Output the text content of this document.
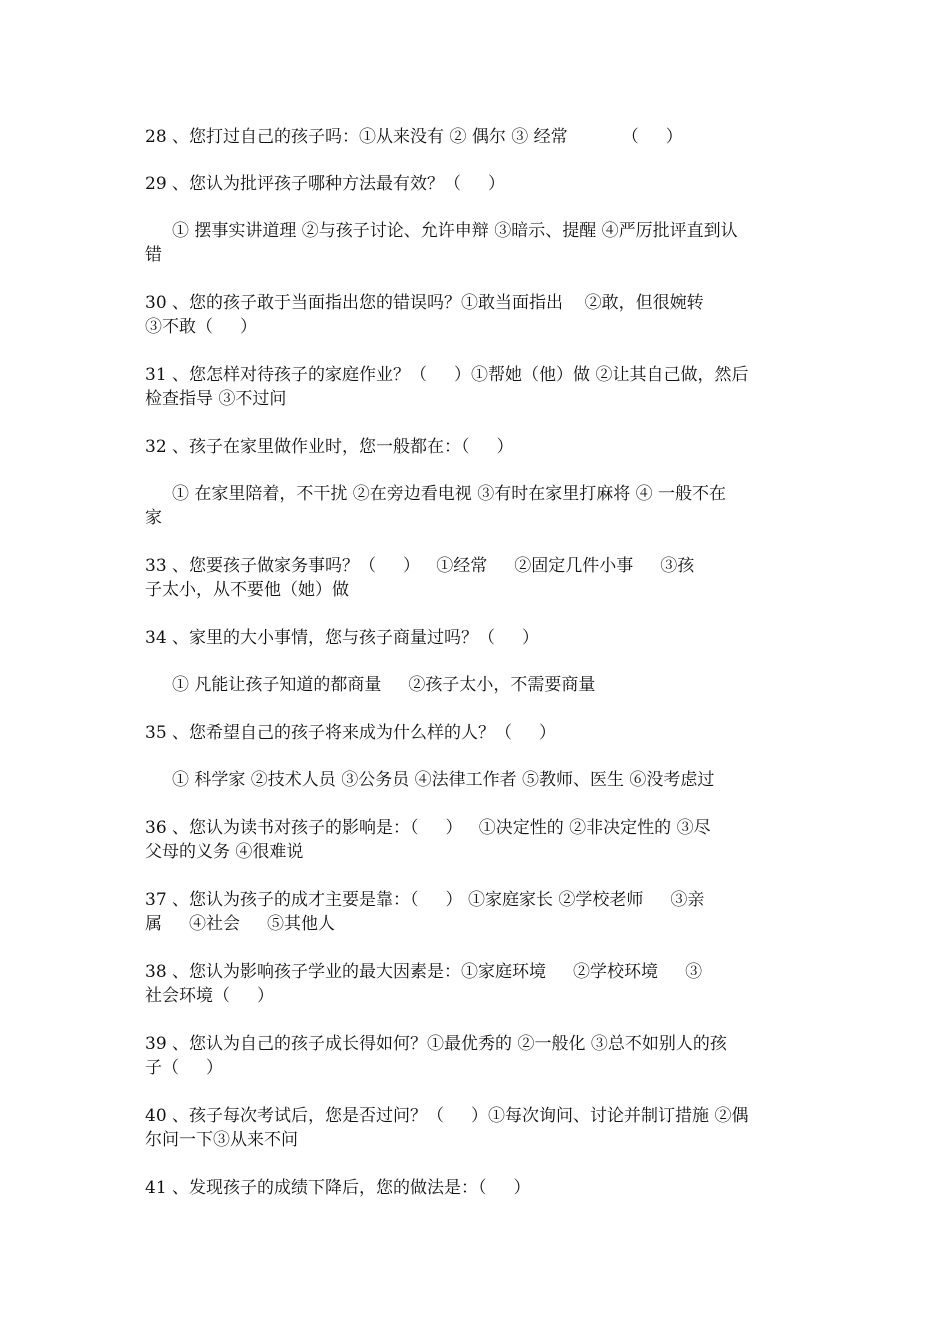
28 、您打过自己的孩子吗：①从来没有 ② 偶尔 ③ 经常          （     ）
29 、您认为批评孩子哪种方法最有效？（     ）
① 摆事实讲道理 ②与孩子讨论、允许申辩 ③暗示、提醒 ④严厉批评直到认
错
30 、您的孩子敢于当面指出您的错误吗？①敢当面指出    ②敢，但很婉转
③不敢（     ）
31 、您怎样对待孩子的家庭作业？（     ）①帮她（他）做 ②让其自己做，然后
检查指导 ③不过问
32 、孩子在家里做作业时，您一般都在：（     ）
① 在家里陪着，不干扰 ②在旁边看电视 ③有时在家里打麻将 ④ 一般不在
家
33 、您要孩子做家务事吗？（     ）   ①经常     ②固定几件小事     ③孩
子太小，从不要他（她）做
34 、家里的大小事情，您与孩子商量过吗？（     ）
① 凡能让孩子知道的都商量     ②孩子太小，不需要商量
35 、您希望自己的孩子将来成为什么样的人？（     ）
① 科学家 ②技术人员 ③公务员 ④法律工作者 ⑤教师、医生 ⑥没考虑过
36 、您认为读书对孩子的影响是：（     ）   ①决定性的 ②非决定性的 ③尽
父母的义务 ④很难说
37 、您认为孩子的成才主要是靠：（     ） ①家庭家长 ②学校老师     ③亲
属     ④社会     ⑤其他人
38 、您认为影响孩子学业的最大因素是：①家庭环境     ②学校环境     ③
社会环境（     ）
39 、您认为自己的孩子成长得如何？①最优秀的 ②一般化 ③总不如别人的孩
子（     ）
40 、孩子每次考试后，您是否过问？（     ）①每次询问、讨论并制订措施 ②偶
尔问一下③从来不问
41 、发现孩子的成绩下降后，您的做法是：（     ）
